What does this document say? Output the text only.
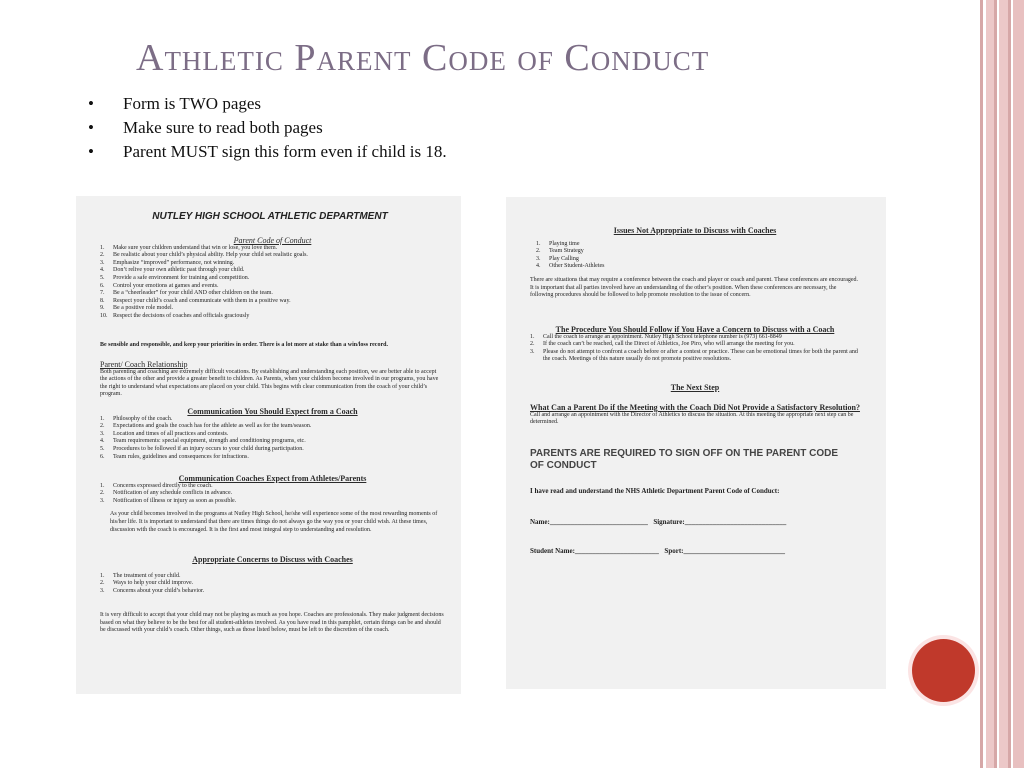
Athletic Parent Code of Conduct
• Form is TWO pages
• Make sure to read both pages
• Parent MUST sign this form even if child is 18.
NUTLEY HIGH SCHOOL ATHLETIC DEPARTMENT
Parent Code of Conduct
1. Make sure your children understand that win or lose, you love them.
2. Be realistic about your child’s physical ability. Help your child set realistic goals.
3. Emphasize “improved” performance, not winning.
4. Don’t relive your own athletic past through your child.
5. Provide a safe environment for training and competition.
6. Control your emotions at games and events.
7. Be a “cheerleader” for your child AND other children on the team.
8. Respect your child’s coach and communicate with them in a positive way.
9. Be a positive role model.
10. Respect the decisions of coaches and officials graciously

Be sensible and responsible, and keep your priorities in order. There is a lot more at stake than a win/loss record.

Parent/ Coach Relationship

Both parenting and coaching are extremely difficult vocations. By establishing and understanding each position, we are better able to accept the actions of the other and provide a greater benefit to children. As Parents, when your children become involved in our programs, you have the right to understand what expectations are placed on your child. This begins with clear communication from the coach of your child’s program.

Communication You Should Expect from a Coach
1. Philosophy of the coach.
2. Expectations and goals the coach has for the athlete as well as for the team/season.
3. Location and times of all practices and contests.
4. Team requirements: special equipment, strength and conditioning programs, etc.
5. Procedures to be followed if an injury occurs to your child during participation.
6. Team rules, guidelines and consequences for infractions.
Communication Coaches Expect from Athletes/Parents
1. Concerns expressed directly to the coach.
2. Notification of any schedule conflicts in advance.
3. Notification of illness or injury as soon as possible.

As your child becomes involved in the programs at Nutley High School, he/she will experience some of the most rewarding moments of his/her life. It is important to understand that there are times things do not always go the way you or your child wish. At these times, discussion with the coach is encouraged. It is the first and most integral step to understanding and resolution.

Appropriate Concerns to Discuss with Coaches
1. The treatment of your child.
2. Ways to help your child improve.
3. Concerns about your child’s behavior.

It is very difficult to accept that your child may not be playing as much as you hope. Coaches are professionals. They make judgment decisions based on what they believe to be the best for all student-athletes involved. As you have read in this pamphlet, certain things can be and should be discussed with your child’s coach. Other things, such as those listed below, must be left to the discretion of the coach.

Issues Not Appropriate to Discuss with Coaches
1. Playing time
2. Team Strategy
3. Play Calling
4. Other Student-Athletes

There are situations that may require a conference between the coach and player or coach and parent. These conferences are encouraged. It is important that all parties involved have an understanding of the other’s position. When these conferences are necessary, the following procedures should be followed to help promote resolution to the issue of concern.

The Procedure You Should Follow if You Have a Concern to Discuss with a Coach
1. Call the coach to arrange an appointment. Nutley High School telephone number is (973) 661-8849
2. If the coach can’t be reached, call the Direct of Athletics, Joe Piro, who will arrange the meeting for you.
3. Please do not attempt to confront a coach before or after a contest or practice. These can be emotional times for both the parent and the coach. Meetings of this nature usually do not promote positive resolutions.
The Next Step
What Can a Parent Do if the Meeting with the Coach Did Not Provide a Satisfactory Resolution?

Call and arrange an appointment with the Director of Athletics to discuss the situation. At this meeting the appropriate next step can be determined.

PARENTS ARE REQUIRED TO SIGN OFF ON THE PARENT CODE OF CONDUCT

I have read and understand the NHS Athletic Department Parent Code of Conduct:

Name:____________________________ Signature:_____________________________
Student Name:________________________ Sport:_____________________________
